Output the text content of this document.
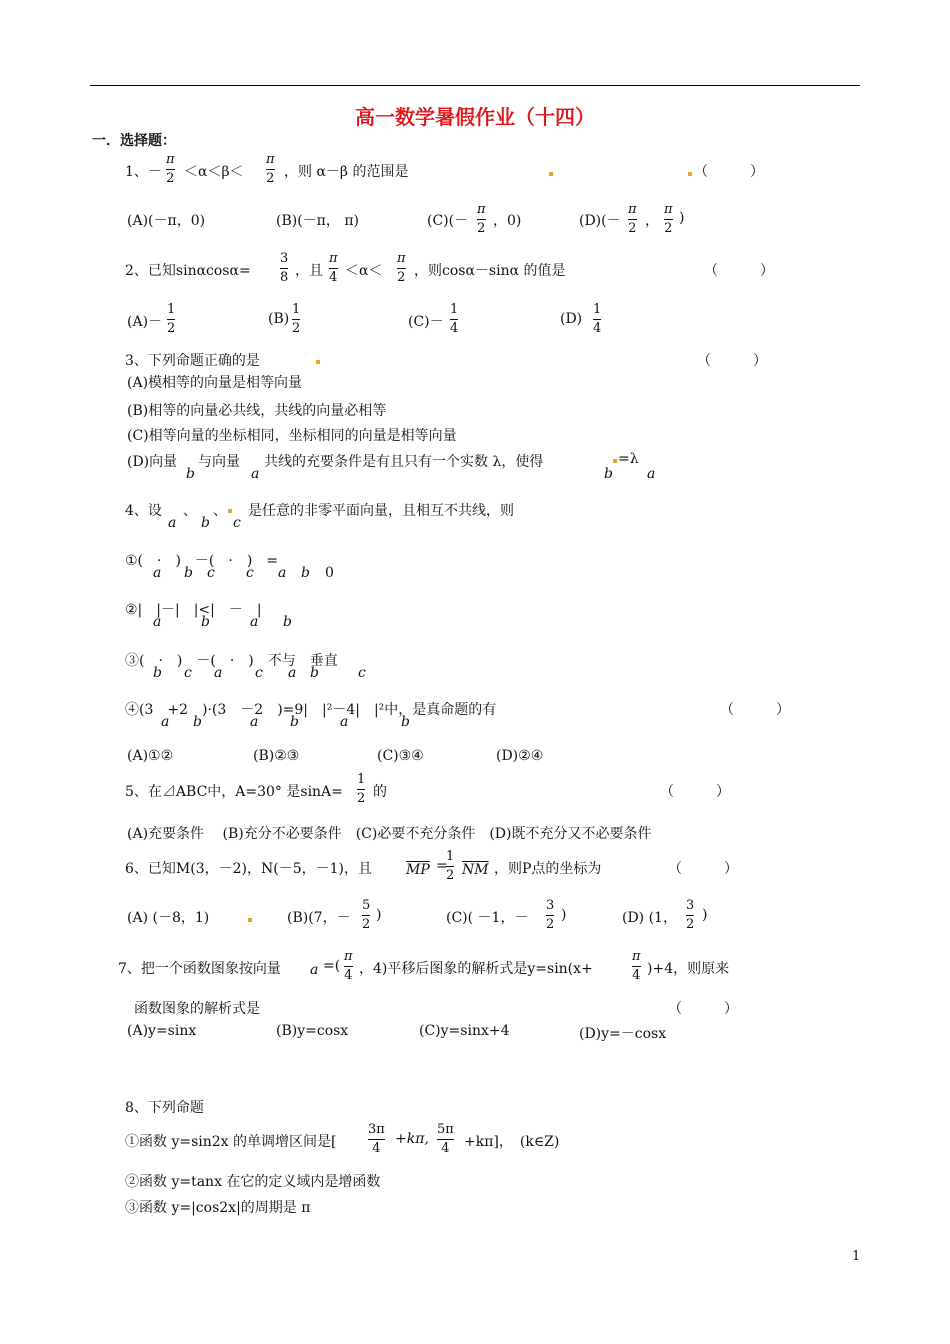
高一数学暑假作业（十四）
一．选择题：
1、－
π
2 ＜α＜β＜
π
2 ，则 α－β 的范围是	（　　　）
(A)(－π，0)	(B)(－π， π)	(C)(－
π
2 ，0)	(D)(－
π
2 ，
π
2
)
2、已知sinαcosα=
3
8 ，且
π
4 ＜α＜
π
2 ，则cosα－sinα 的值是	（　　　）
(A)－
1
2
(B)
1
2	(C)－
1
4
(D)
1
4
3、下列命题正确的是	（　　　）
(A)模相等的向量是相等向量
(B)相等的向量必共线，共线的向量必相等
(C)相等向量的坐标相同，坐标相同的向量是相等向量
(D)向量
b
与向量
a
共线的充要条件是有且只有一个实数 λ，使得
b
=λ
a
4、设
a
、
b
、
c
是任意的非零平面向量，且相互不共线，则
①(　·　)　－(　·　)　=
a b c c a b 0
②|　|－|　|<|　－　|
a	b	a b
③(　·　)　－(　·　)　不与　垂直
b c a c a b	c
④(3　+2　)·(3　－2　)=9|　|²－4|　|²中，是真命题的有
a b	a b	a	b
（　　　）
(A)①②	(B)②③	(C)③④	(D)②④
5、在⊿ABC中，A=30° 是sinA=
1
2 的	（　　　）
(A)充要条件　 (B)充分不必要条件　(C)必要不充分条件　(D)既不充分又不必要条件
6、已知M(3，－2)，N(－5，－1)，且 $\overline{MP}$ =
1
2 $\overline{NM}$ ，则P点的坐标为	（　　　）
(A) (－8，1)	(B)(7，－
5
2
)	(C)( －1，－
3
2
)	(D) (1，
3
2
)
7、把一个函数图象按向量 a =(
π
4 ，4)平移后图象的解析式是y=sin(x+
π
4 )+4，则原来
函数图象的解析式是	（　　　）
(A)y=sinx	(B)y=cosx	(C)y=sinx+4	(D)y=－cosx
8、下列命题
①函数 y=sin2x 的单调增区间是[
3π
4
+kπ,
5π
4	+kπ]，　(k∈Z)
②函数 y=tanx 在它的定义域内是增函数
③函数 y=|cos2x|的周期是 π
1
